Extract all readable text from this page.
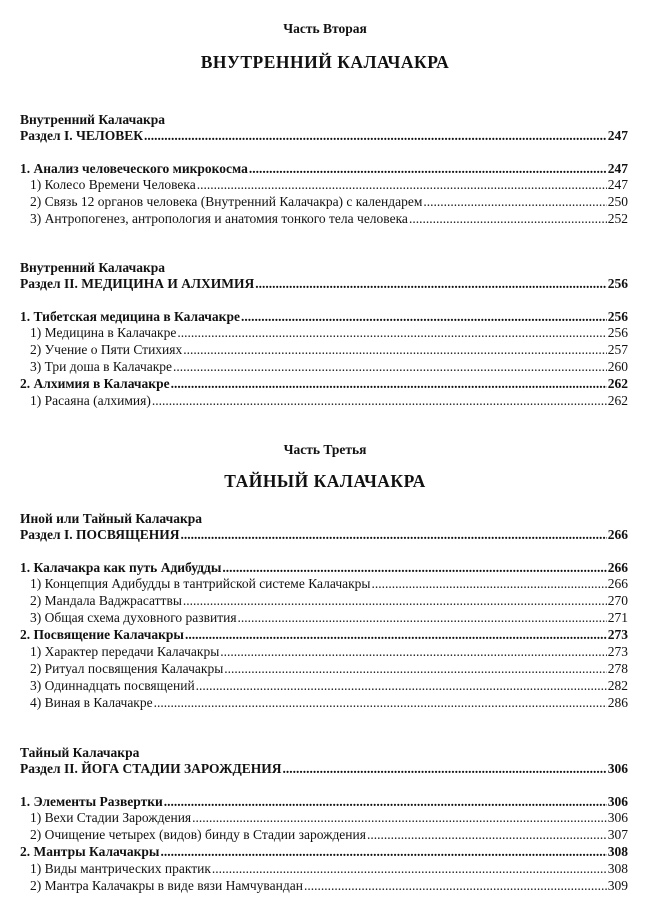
Часть Вторая
ВНУТРЕННИЙ КАЛАЧАКРА
Внутренний Калачакра
Раздел I. ЧЕЛОВЕК .....	247
1. Анализ человеческого микрокосма .....	247
1) Колесо Времени Человека .....	247
2) Связь 12 органов человека (Внутренний Калачакра) с календарем .....	250
3) Антропогенез, антропология и анатомия тонкого тела человека .....	252
Внутренний Калачакра
Раздел II. МЕДИЦИНА И АЛХИМИЯ .....	256
1. Тибетская медицина в Калачакре .....	256
1) Медицина в Калачакре .....	256
2) Учение о Пяти Стихиях .....	257
3) Три доша в Калачакре .....	260
2. Алхимия в Калачакре .....	262
1) Расаяна (алхимия) .....	262
Часть Третья
ТАЙНЫЙ КАЛАЧАКРА
Иной или Тайный Калачакра
Раздел I. ПОСВЯЩЕНИЯ .....	266
1. Калачакра как путь Адибудды .....	266
1) Концепция Адибудды в тантрийской системе Калачакры .....	266
2) Мандала Ваджрасаттвы .....	270
3) Общая схема духовного развития .....	271
2. Посвящение Калачакры .....	273
1) Характер передачи Калачакры .....	273
2) Ритуал посвящения Калачакры .....	278
3) Одиннадцать посвящений .....	282
4) Виная в Калачакре .....	286
Тайный Калачакра
Раздел II. ЙОГА СТАДИИ ЗАРОЖДЕНИЯ .....	306
1. Элементы Развертки .....	306
1) Вехи Стадии Зарождения .....	306
2) Очищение четырех (видов) бинду в Стадии зарождения .....	307
2. Мантры Калачакры .....	308
1) Виды мантрических практик .....	308
2) Мантра Калачакры в виде вязи Намчувандан .....	309
